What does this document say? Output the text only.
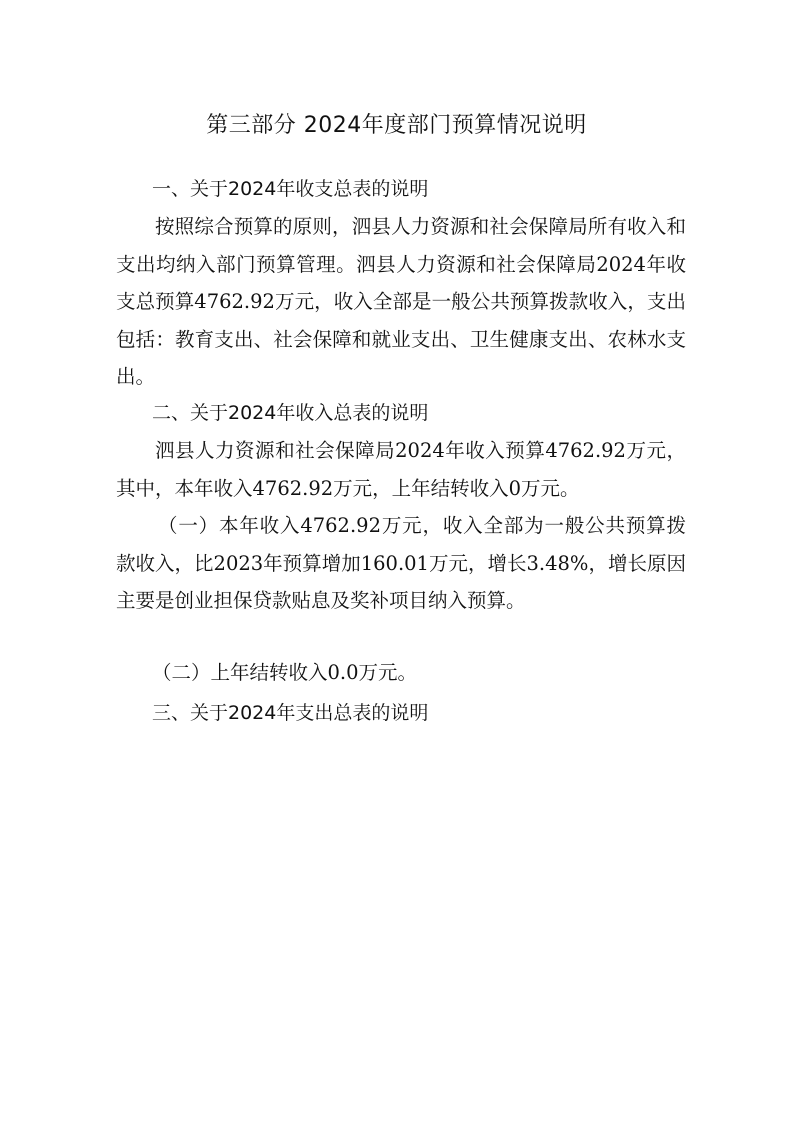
第三部分 2024年度部门预算情况说明
一、关于2024年收支总表的说明
按照综合预算的原则，泗县人力资源和社会保障局所有收入和支出均纳入部门预算管理。泗县人力资源和社会保障局2024年收支总预算4762.92万元，收入全部是一般公共预算拨款收入，支出包括：教育支出、社会保障和就业支出、卫生健康支出、农林水支出。
二、关于2024年收入总表的说明
泗县人力资源和社会保障局2024年收入预算4762.92万元，其中，本年收入4762.92万元，上年结转收入0万元。
（一）本年收入4762.92万元，收入全部为一般公共预算拨款收入，比2023年预算增加160.01万元，增长3.48%，增长原因主要是创业担保贷款贴息及奖补项目纳入预算。
（二）上年结转收入0.0万元。
三、关于2024年支出总表的说明
